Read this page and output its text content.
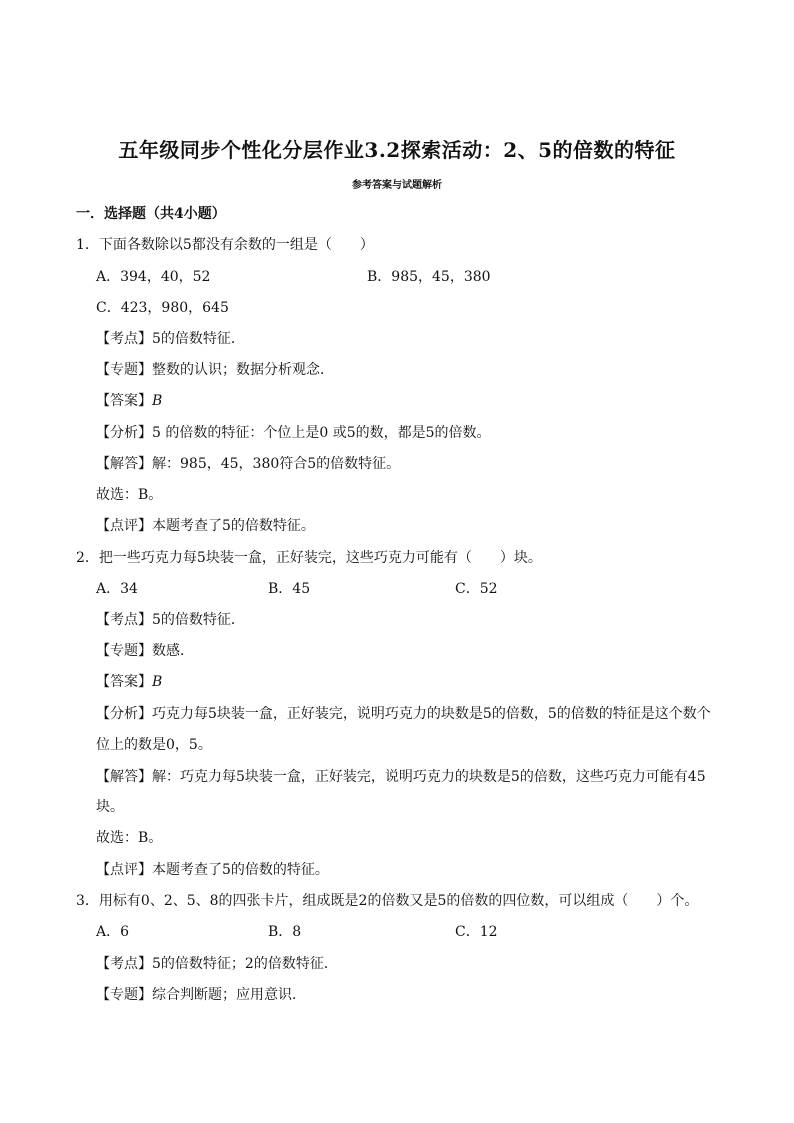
五年级同步个性化分层作业3.2探索活动：2、5的倍数的特征
参考答案与试题解析
一．选择题（共4小题）
1．下面各数除以5都没有余数的一组是（　　）
A．394，40，52	B．985，45，380
C．423，980，645
【考点】5的倍数特征．
【专题】整数的认识；数据分析观念．
【答案】B
【分析】5 的倍数的特征：个位上是0 或5的数，都是5的倍数。
【解答】解：985，45，380符合5的倍数特征。
故选：B。
【点评】本题考查了5的倍数特征。
2．把一些巧克力每5块装一盒，正好装完，这些巧克力可能有（　　）块。
A．34	B．45	C．52
【考点】5的倍数特征．
【专题】数感．
【答案】B
【分析】巧克力每5块装一盒，正好装完，说明巧克力的块数是5的倍数，5的倍数的特征是这个数个
位上的数是0，5。
【解答】解：巧克力每5块装一盒，正好装完，说明巧克力的块数是5的倍数，这些巧克力可能有45
块。
故选：B。
【点评】本题考查了5的倍数的特征。
3．用标有0、2、5、8的四张卡片，组成既是2的倍数又是5的倍数的四位数，可以组成（　　）个。
A．6	B．8	C．12
【考点】5的倍数特征；2的倍数特征．
【专题】综合判断题；应用意识．
